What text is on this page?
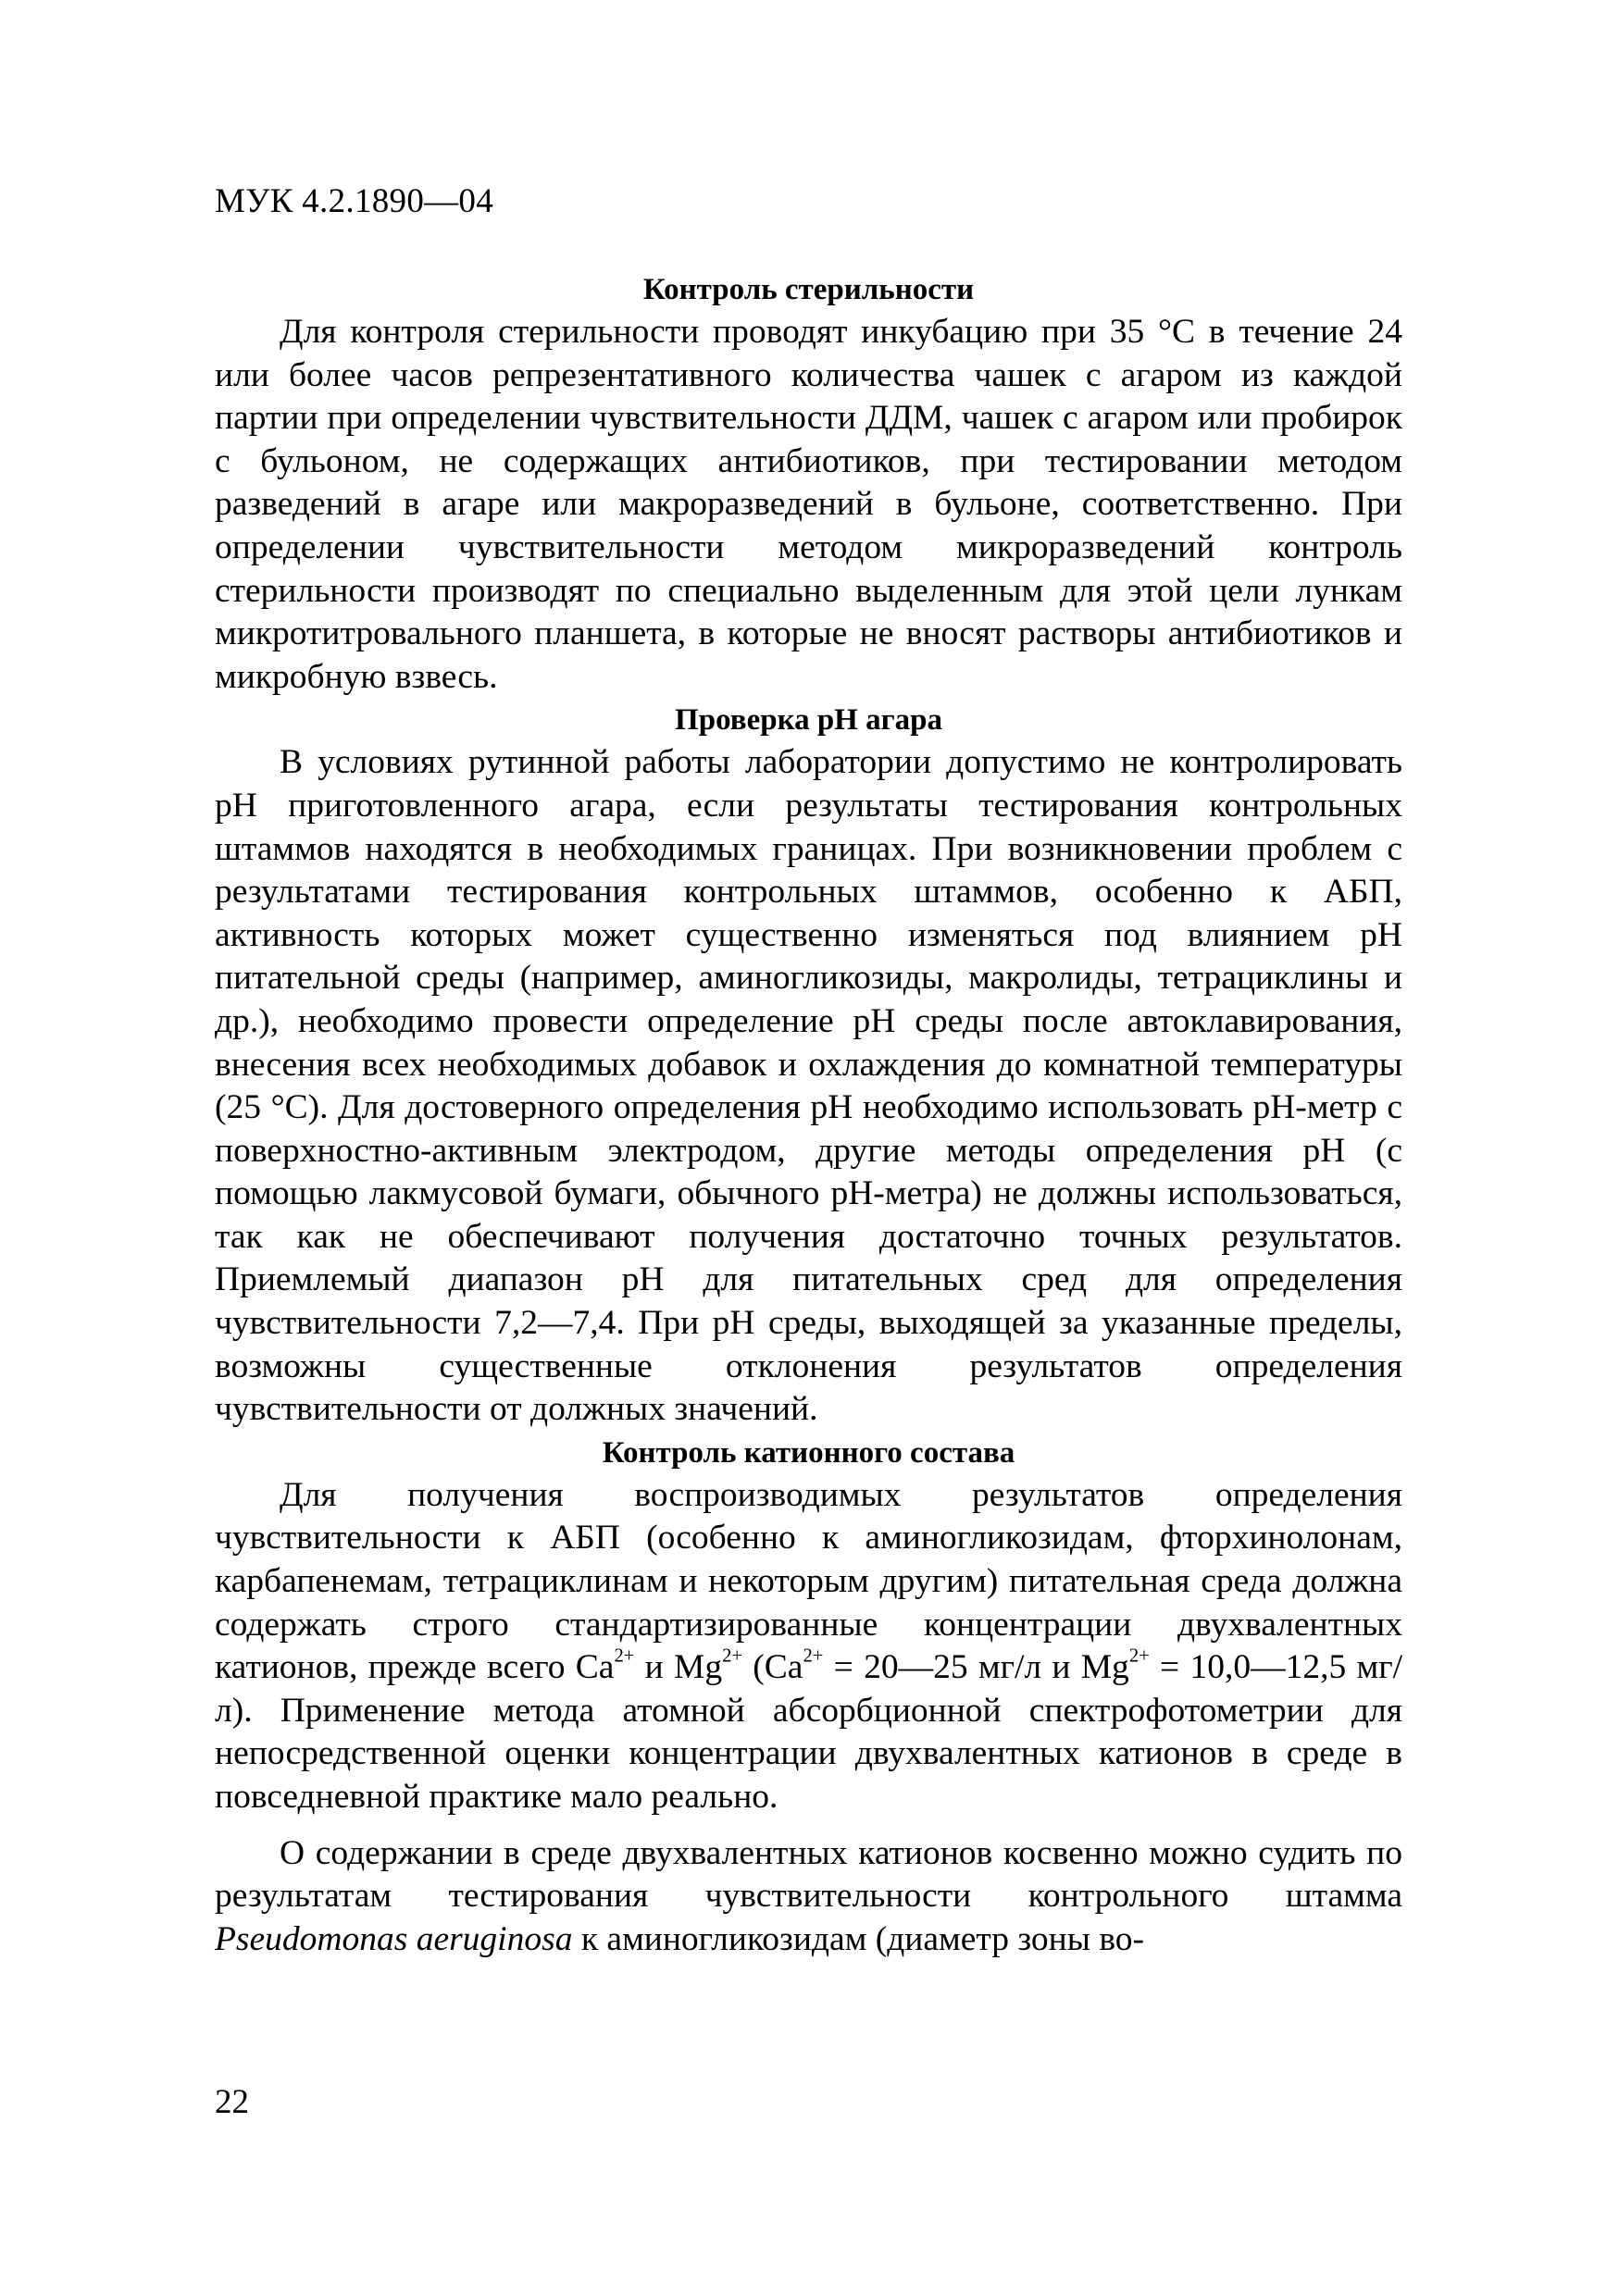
МУК 4.2.1890—04
Контроль стерильности

Для контроля стерильности проводят инкубацию при 35 °С в течение 24 или более часов репрезентативного количества чашек с агаром из каждой партии при определении чувствительности ДДМ, чашек с агаром или пробирок с бульоном, не содержащих антибиотиков, при тестировании методом разведений в агаре или макроразведений в бульоне, соответственно. При определении чувствительности методом микроразведений контроль стерильности производят по специально выделенным для этой цели лункам микротитровального планшета, в которые не вносят растворы антибиотиков и микробную взвесь.

Проверка рН агара

В условиях рутинной работы лаборатории допустимо не контролировать рН приготовленного агара, если результаты тестирования контрольных штаммов находятся в необходимых границах. При возникновении проблем с результатами тестирования контрольных штаммов, особенно к АБП, активность которых может существенно изменяться под влиянием рН питательной среды (например, аминогликозиды, макролиды, тетрациклины и др.), необходимо провести определение рН среды после автоклавирования, внесения всех необходимых добавок и охлаждения до комнатной температуры (25 °С). Для достоверного определения рН необходимо использовать рН-метр с поверхностно-активным электродом, другие методы определения рН (с помощью лакмусовой бумаги, обычного рН-метра) не должны использоваться, так как не обеспечивают получения достаточно точных результатов. Приемлемый диапазон рН для питательных сред для определения чувствительности 7,2—7,4. При рН среды, выходящей за указанные пределы, возможны существенные отклонения результатов определения чувствительности от должных значений.

Контроль катионного состава

Для получения воспроизводимых результатов определения чувствительности к АБП (особенно к аминогликозидам, фторхинолонам, карбапенемам, тетрациклинам и некоторым другим) питательная среда должна содержать строго стандартизированные концентрации двухвалентных катионов, прежде всего $Ca^{2+}$ и $Mg^{2+}$ ($Ca^{2+}$ = 20—25 мг/л и $Mg^{2+}$ = 10,0—12,5 мг/л). Применение метода атомной абсорбционной спектрофотометрии для непосредственной оценки концентрации двухвалентных катионов в среде в повседневной практике мало реально.

О содержании в среде двухвалентных катионов косвенно можно судить по результатам тестирования чувствительности контрольного штамма Pseudomonas aeruginosa к аминогликозидам (диаметр зоны во-

22
